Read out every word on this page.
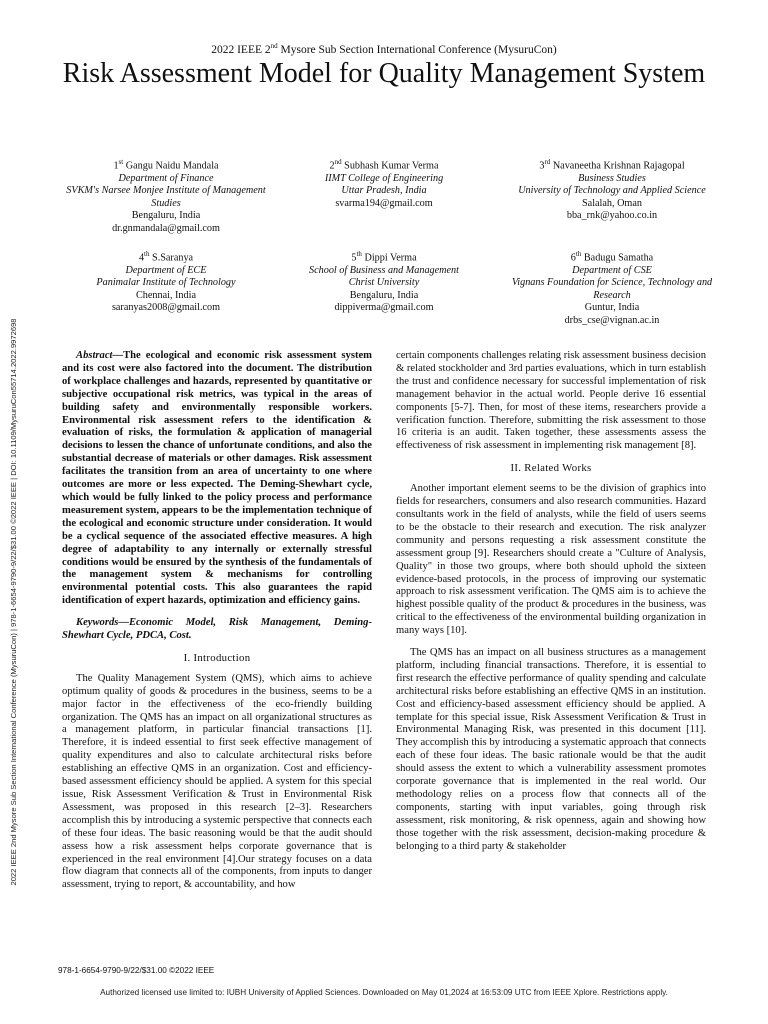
2022 IEEE 2nd Mysore Sub Section International Conference (MysuruCon)
Risk Assessment Model for Quality Management System
2022 IEEE 2nd Mysore Sub Section International Conference (MysuruCon) | 978-1-6654-9790-9/22/$31.00 ©2022 IEEE | DOI: 10.1109/MysuruCon55714.2022.9972698
1st Gangu Naidu Mandala
Department of Finance
SVKM's Narsee Monjee Institute of Management Studies
Bengaluru, India
dr.gnmandala@gmail.com
2nd Subhash Kumar Verma
IIMT College of Engineering
Uttar Pradesh, India
svarma194@gmail.com
3rd Navaneetha Krishnan Rajagopal
Business Studies
University of Technology and Applied Science
Salalah, Oman
bba_rnk@yahoo.co.in
4th S.Saranya
Department of ECE
Panimalar Institute of Technology
Chennai, India
saranyas2008@gmail.com
5th Dippi Verma
School of Business and Management
Christ University
Bengaluru, India
dippiverma@gmail.com
6th Badugu Samatha
Department of CSE
Vignans Foundation for Science, Technology and Research
Guntur, India
drbs_cse@vignan.ac.in

Abstract—The ecological and economic risk assessment system and its cost were also factored into the document. The distribution of workplace challenges and hazards, represented by quantitative or subjective occupational risk metrics, was typical in the areas of building safety and environmentally responsible workers. Environmental risk assessment refers to the identification & evaluation of risks, the formulation & application of managerial decisions to lessen the chance of unfortunate conditions, and also the substantial decrease of materials or other damages. Risk assessment facilitates the transition from an area of uncertainty to one where outcomes are more or less expected. The Deming-Shewhart cycle, which would be fully linked to the policy process and performance measurement system, appears to be the implementation technique of the ecological and economic structure under consideration. It would be a cyclical sequence of the associated effective measures. A high degree of adaptability to any internally or externally stressful conditions would be ensured by the synthesis of the fundamentals of the management system & mechanisms for controlling environmental potential costs. This also guarantees the rapid identification of expert hazards, optimization and efficiency gains.

Keywords—Economic Model, Risk Management, Deming-Shewhart Cycle, PDCA, Cost.

I. Introduction

The Quality Management System (QMS), which aims to achieve optimum quality of goods & procedures in the business, seems to be a major factor in the effectiveness of the eco-friendly building organization. The QMS has an impact on all organizational structures as a management platform, in particular financial transactions [1]. Therefore, it is indeed essential to first seek effective management of quality expenditures and also to calculate architectural risks before establishing an effective QMS in an organization. Cost and efficiency-based assessment efficiency should be applied. A system for this special issue, Risk Assessment Verification & Trust in Environmental Risk Assessment, was proposed in this research [2–3]. Researchers accomplish this by introducing a systemic perspective that connects each of these four ideas. The basic reasoning would be that the audit should assess how a risk assessment helps corporate governance that is experienced in the real environment [4].Our strategy focuses on a data flow diagram that connects all of the components, from inputs to danger assessment, trying to report, & accountability, and how

certain components challenges relating risk assessment business decision & related stockholder and 3rd parties evaluations, which in turn establish the trust and confidence necessary for successful implementation of risk management behavior in the actual world. People derive 16 essential components [5-7]. Then, for most of these items, researchers provide a verification function. Therefore, submitting the risk assessment to those 16 criteria is an audit. Taken together, these assessments assess the effectiveness of risk assessment in implementing risk management [8].

II. Related Works

Another important element seems to be the division of graphics into fields for researchers, consumers and also research communities. Hazard consultants work in the field of analysts, while the field of users seems to be the obstacle to their research and execution. The risk analyzer community and persons requesting a risk assessment constitute the assessment group [9]. Researchers should create a "Culture of Analysis, Quality" in those two groups, where both should uphold the sixteen evidence-based protocols, in the process of improving our systematic approach to risk assessment verification. The QMS aim is to achieve the highest possible quality of the product & procedures in the business, was critical to the effectiveness of the environmental building organization in many ways [10].

The QMS has an impact on all business structures as a management platform, including financial transactions. Therefore, it is essential to first research the effective performance of quality spending and calculate architectural risks before establishing an effective QMS in an institution. Cost and efficiency-based assessment efficiency should be applied. A template for this special issue, Risk Assessment Verification & Trust in Environmental Managing Risk, was presented in this document [11]. They accomplish this by introducing a systematic approach that connects each of these four ideas. The basic rationale would be that the audit should assess the extent to which a vulnerability assessment promotes corporate governance that is implemented in the real world. Our methodology relies on a process flow that connects all of the components, starting with input variables, going through risk assessment, risk monitoring, & risk openness, again and showing how those together with the risk assessment, decision-making procedure & belonging to a third party & stakeholder

978-1-6654-9790-9/22/$31.00 ©2022 IEEE
Authorized licensed use limited to: IUBH University of Applied Sciences. Downloaded on May 01,2024 at 16:53:09 UTC from IEEE Xplore. Restrictions apply.
